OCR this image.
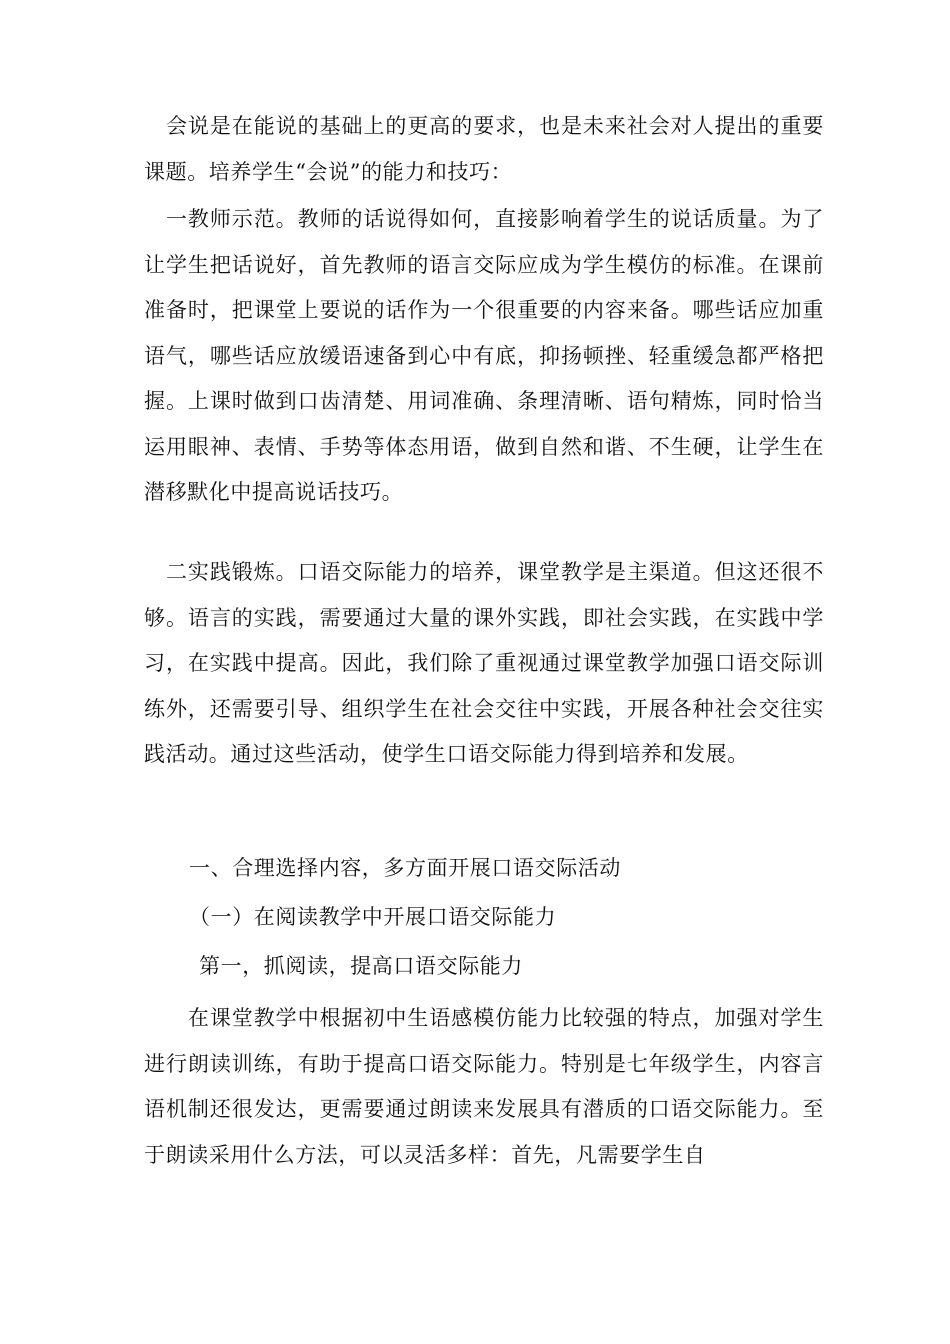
　会说是在能说的基础上的更高的要求，也是未来社会对人提出的重要课题。培养学生“会说”的能力和技巧：

　一教师示范。教师的话说得如何，直接影响着学生的说话质量。为了让学生把话说好，首先教师的语言交际应成为学生模仿的标准。在课前准备时，把课堂上要说的话作为一个很重要的内容来备。哪些话应加重语气，哪些话应放缓语速备到心中有底，抑扬顿挫、轻重缓急都严格把握。上课时做到口齿清楚、用词准确、条理清晰、语句精炼，同时恰当运用眼神、表情、手势等体态用语，做到自然和谐、不生硬，让学生在潜移默化中提高说话技巧。

　二实践锻炼。口语交际能力的培养，课堂教学是主渠道。但这还很不够。语言的实践，需要通过大量的课外实践，即社会实践，在实践中学习，在实践中提高。因此，我们除了重视通过课堂教学加强口语交际训练外，还需要引导、组织学生在社会交往中实践，开展各种社会交往实践活动。通过这些活动，使学生口语交际能力得到培养和发展。

一、合理选择内容，多方面开展口语交际活动

（一）在阅读教学中开展口语交际能力

第一，抓阅读，提高口语交际能力

　　在课堂教学中根据初中生语感模仿能力比较强的特点，加强对学生进行朗读训练，有助于提高口语交际能力。特别是七年级学生，内容言语机制还很发达，更需要通过朗读来发展具有潜质的口语交际能力。至于朗读采用什么方法，可以灵活多样：首先，凡需要学生自
